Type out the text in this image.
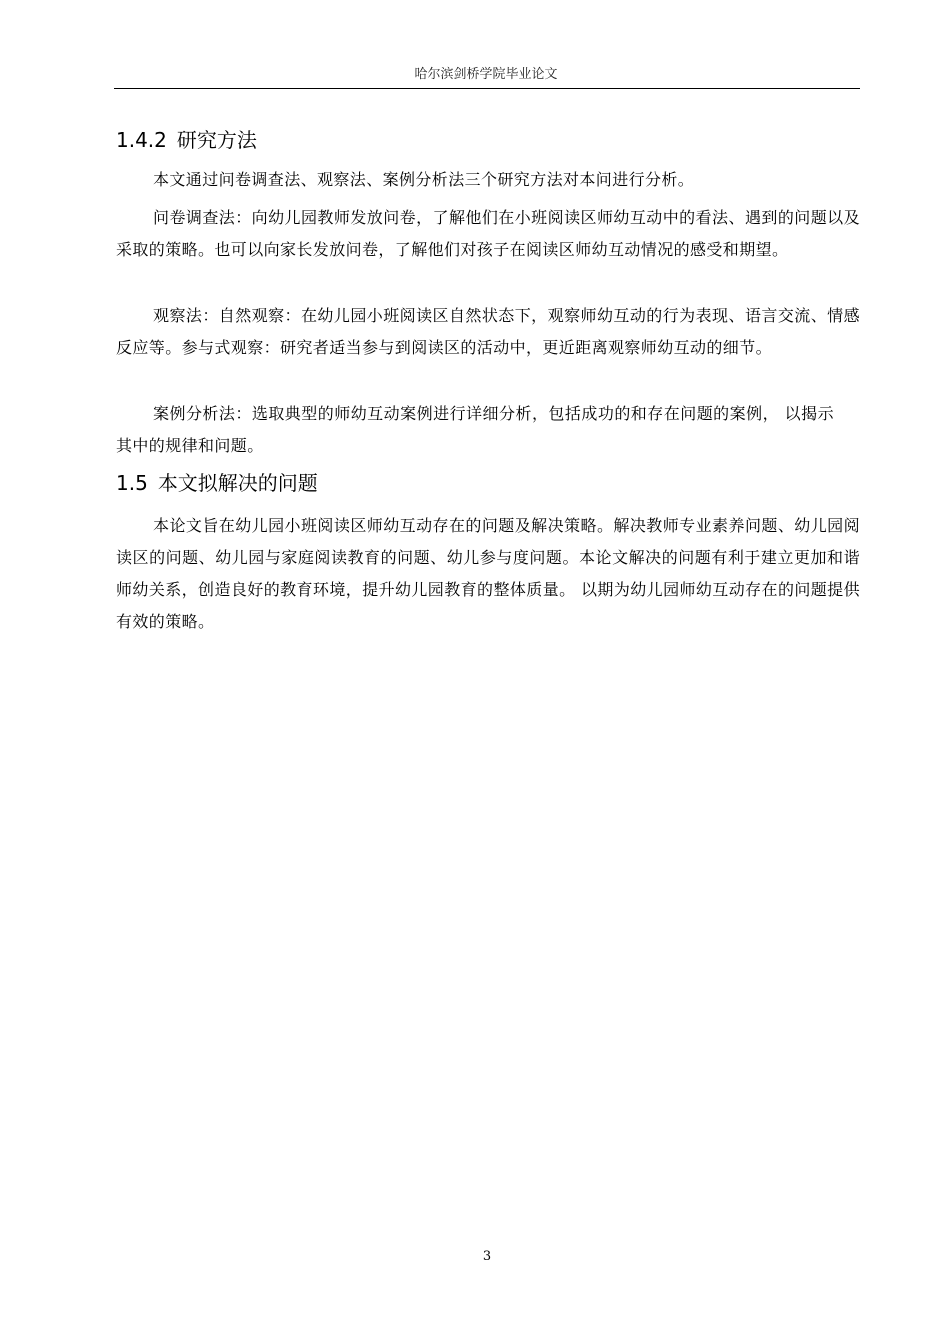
哈尔滨剑桥学院毕业论文
1.4.2 研究方法
本文通过问卷调查法、观察法、案例分析法三个研究方法对本问进行分析。
问卷调查法：向幼儿园教师发放问卷，了解他们在小班阅读区师幼互动中的看法、遇到的问题以及采取的策略。也可以向家长发放问卷，了解他们对孩子在阅读区师幼互动情况的感受和期望。
观察法：自然观察：在幼儿园小班阅读区自然状态下，观察师幼互动的行为表现、语言交流、情感反应等。参与式观察：研究者适当参与到阅读区的活动中，更近距离观察师幼互动的细节。
案例分析法：选取典型的师幼互动案例进行详细分析，包括成功的和存在问题的案例， 以揭示其中的规律和问题。
1.5 本文拟解决的问题
本论文旨在幼儿园小班阅读区师幼互动存在的问题及解决策略。解决教师专业素养问题、幼儿园阅读区的问题、幼儿园与家庭阅读教育的问题、幼儿参与度问题。本论文解决的问题有利于建立更加和谐师幼关系，创造良好的教育环境，提升幼儿园教育的整体质量。 以期为幼儿园师幼互动存在的问题提供有效的策略。
3
